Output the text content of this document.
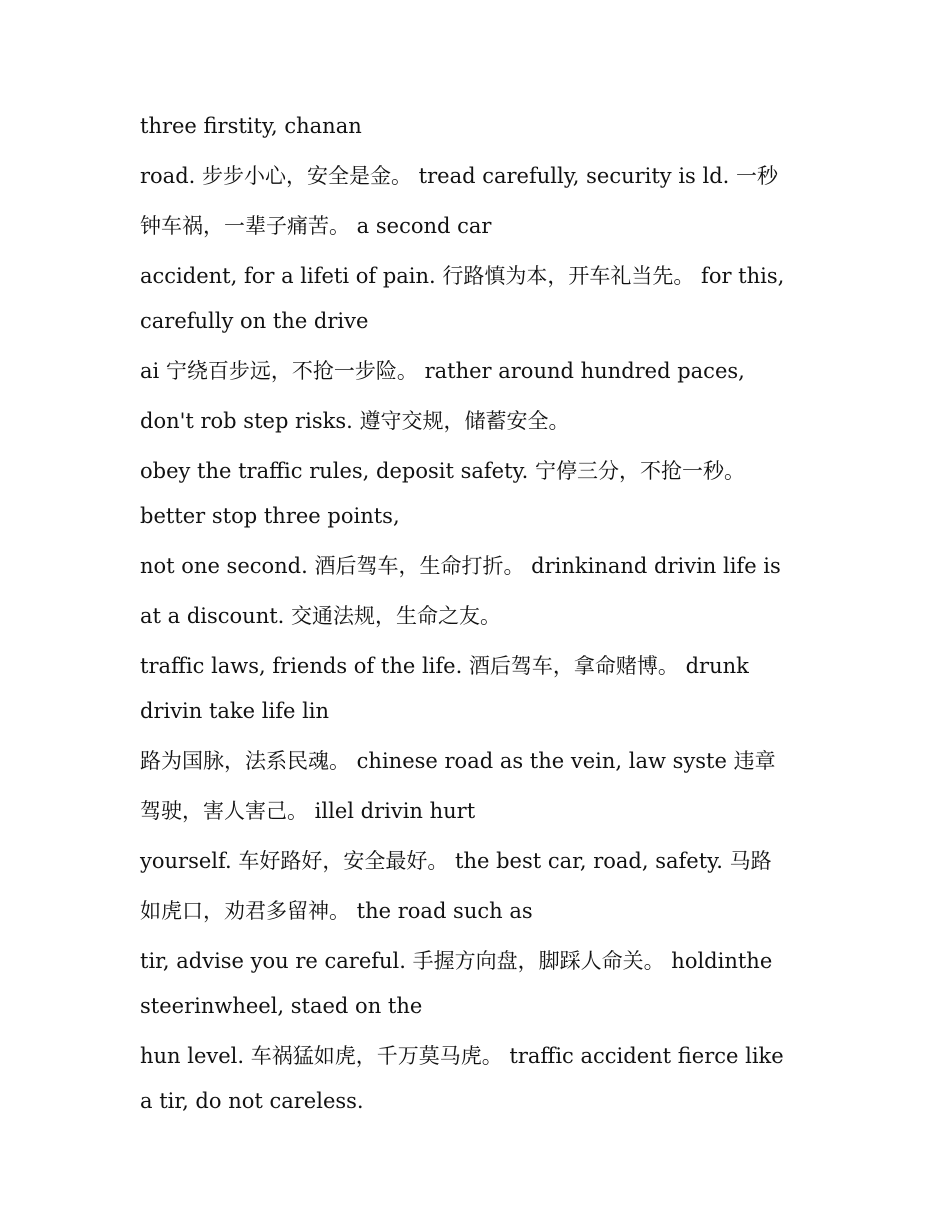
three firstity, chanan

road. 步步小心，安全是金。 tread carefully, security is ld. 一秒

钟车祸，一辈子痛苦。 a second car

accident, for a lifeti of pain. 行路慎为本，开车礼当先。 for this,

carefully on the drive

ai 宁绕百步远，不抢一步险。 rather around hundred paces,

don't rob step risks. 遵守交规，储蓄安全。

obey the traffic rules, deposit safety. 宁停三分，不抢一秒。

better stop three points,

not one second. 酒后驾车，生命打折。 drinkinand drivin life is

at a discount. 交通法规，生命之友。

traffic laws, friends of the life. 酒后驾车，拿命赌博。 drunk

drivin take life lin

路为国脉，法系民魂。 chinese road as the vein, law syste 违章

驾驶，害人害己。 illel drivin hurt

yourself. 车好路好，安全最好。 the best car, road, safety. 马路

如虎口，劝君多留神。 the road such as

tir, advise you re careful. 手握方向盘，脚踩人命关。 holdinthe

steerinwheel, staed on the

hun level. 车祸猛如虎，千万莫马虎。 traffic accident fierce like

a tir, do not careless.
